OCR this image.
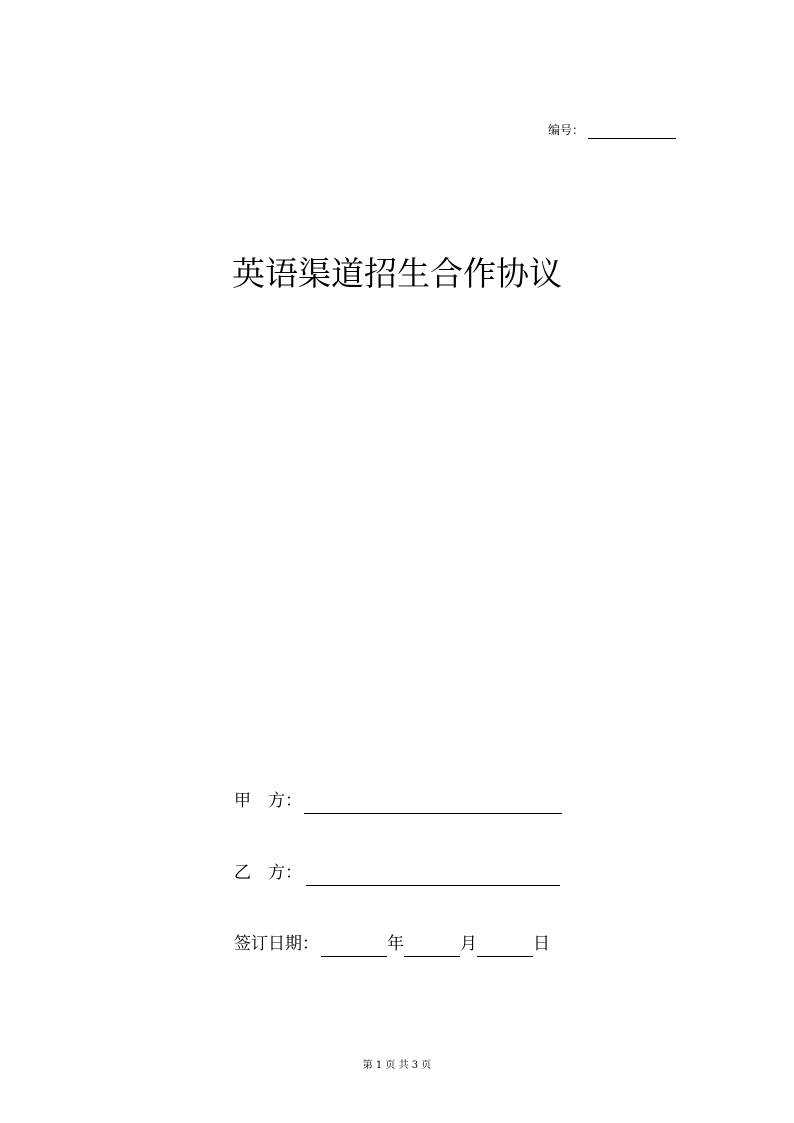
编号：
英语渠道招生合作协议
甲　方：
乙　方：
签订日期：	年	月	日
第 1 页 共 3 页
